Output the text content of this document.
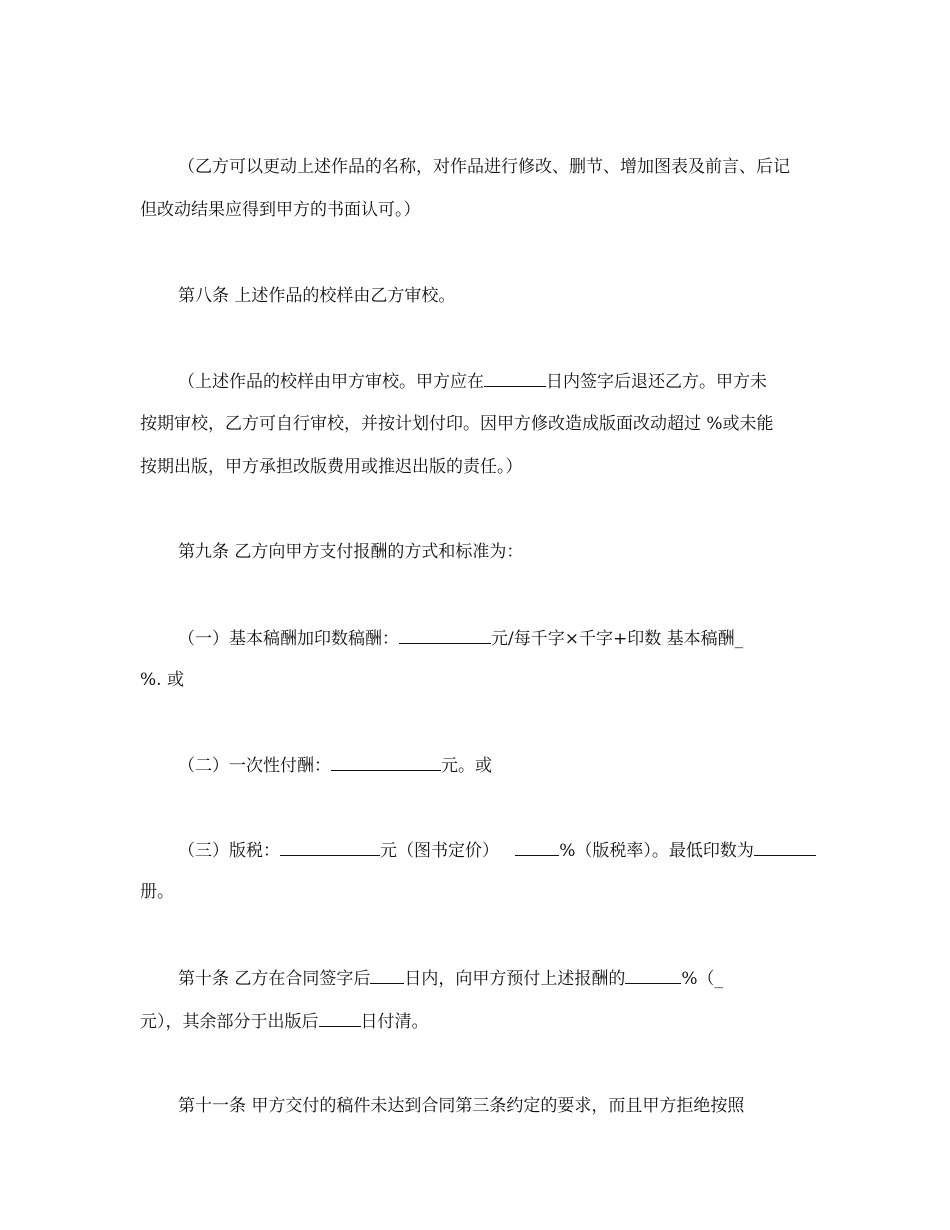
（乙方可以更动上述作品的名称，对作品进行修改、删节、增加图表及前言、后记
但改动结果应得到甲方的书面认可。）
第八条 上述作品的校样由乙方审校。
（上述作品的校样由甲方审校。甲方应在	日内签字后退还乙方。甲方未
按期审校，乙方可自行审校，并按计划付印。因甲方修改造成版面改动超过 %或未能
按期出版，甲方承担改版费用或推迟出版的责任。）
第九条 乙方向甲方支付报酬的方式和标准为：
（一）基本稿酬加印数稿酬：	元/每千字×千字+印数 基本稿酬_
%. 或
（二）一次性付酬：	元。或
（三）版税：	元（图书定价）	%（版税率）。最低印数为
册。
第十条 乙方在合同签字后 日内，向甲方预付上述报酬的	%（_
元），其余部分于出版后 日付清。
第十一条 甲方交付的稿件未达到合同第三条约定的要求，而且甲方拒绝按照
